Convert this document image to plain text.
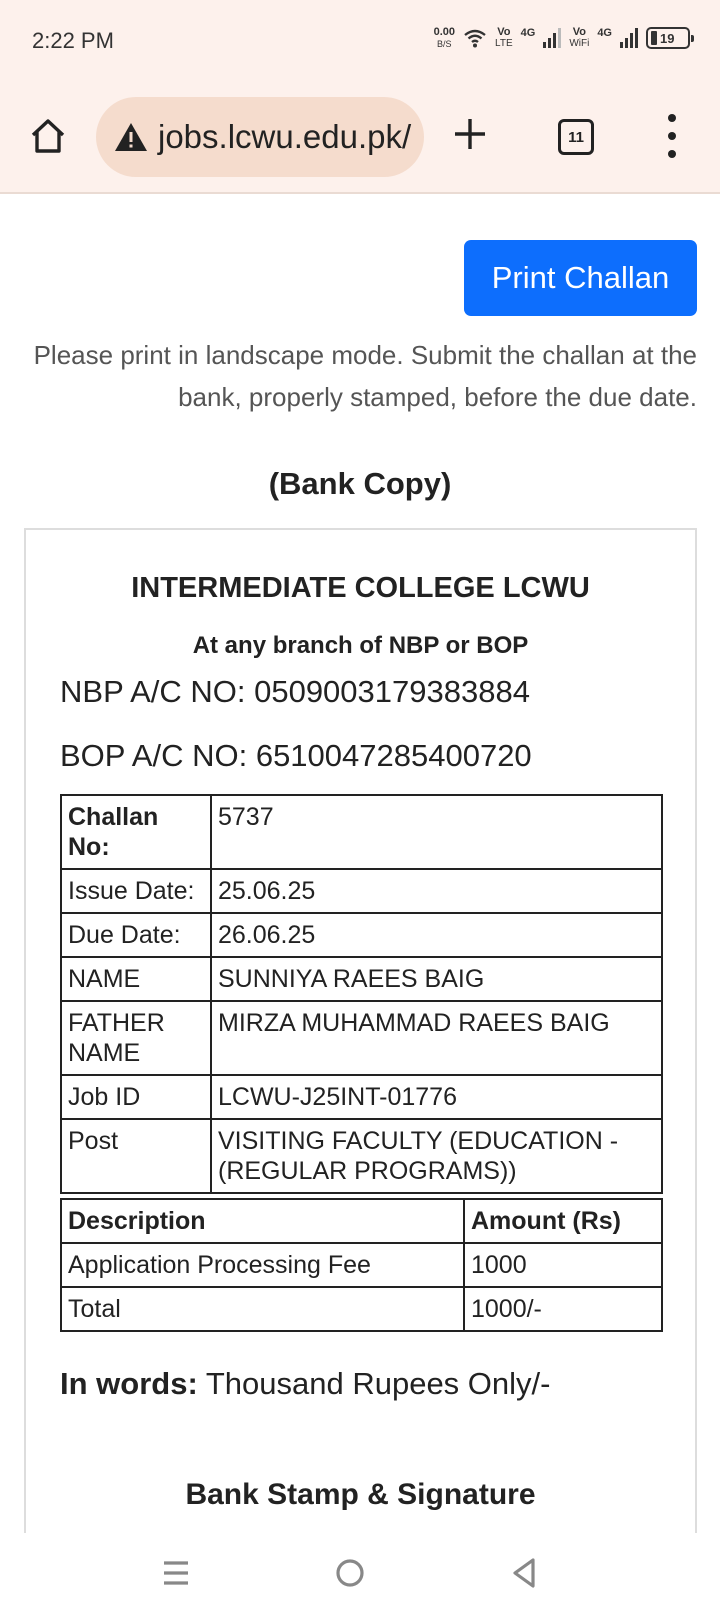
2:22 PM	0.00
B/S
Vo
LTE
4G	Vo
WiFi
4G	19
jobs.lcwu.edu.pk/	11
Print Challan
Please print in landscape mode. Submit the challan at the bank, properly stamped, before the due date.
(Bank Copy)
INTERMEDIATE COLLEGE LCWU
At any branch of NBP or BOP
NBP A/C NO: 0509003179383884
BOP A/C NO: 6510047285400720
Challan No:	5737
Issue Date:	25.06.25
Due Date:	26.06.25
NAME	SUNNIYA RAEES BAIG
FATHER NAME	MIRZA MUHAMMAD RAEES BAIG
Job ID	LCWU-J25INT-01776
Post	VISITING FACULTY (EDUCATION - (REGULAR PROGRAMS))
Description	Amount (Rs)
Application Processing Fee	1000
Total	1000/-
In words: Thousand Rupees Only/-
Bank Stamp & Signature
